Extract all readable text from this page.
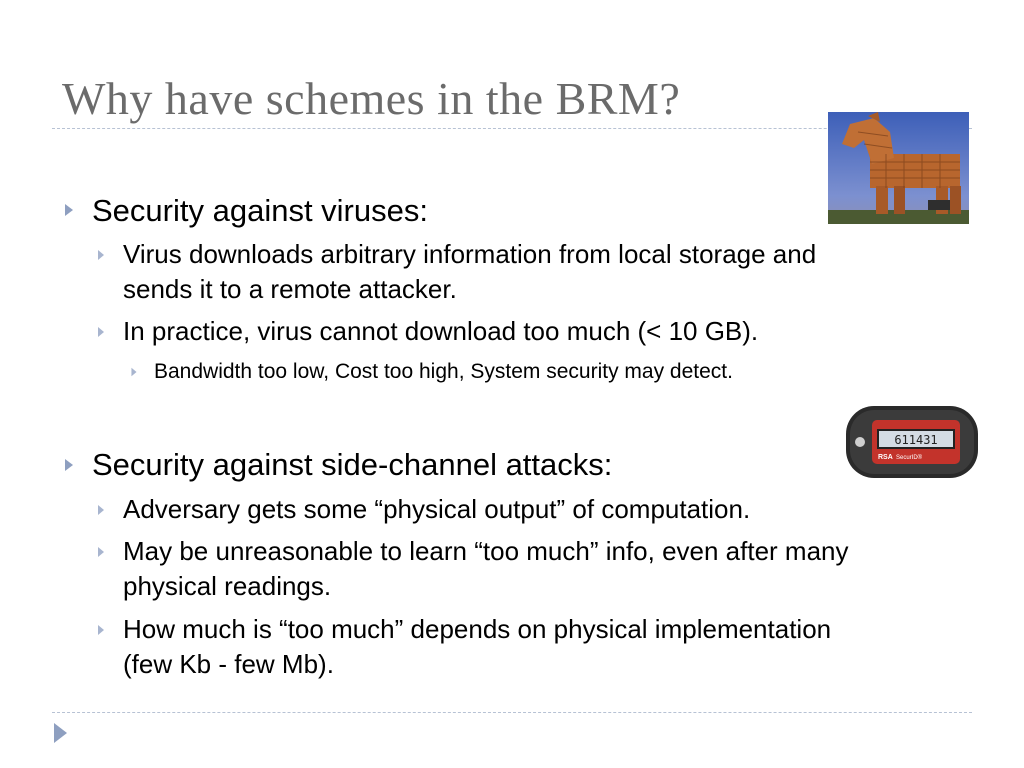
Why have schemes in the BRM?
611431
RSA SecurID®
Security against viruses:
Virus downloads arbitrary information from local storage and
sends it to a remote attacker.
In practice, virus cannot download too much (< 10 GB).
Bandwidth too low, Cost too high, System security may detect.
Security against side-channel attacks:
Adversary gets some “physical output” of computation.
May be unreasonable to learn “too much” info, even after many
physical readings.
How much is “too much” depends on physical implementation
(few Kb - few Mb).
